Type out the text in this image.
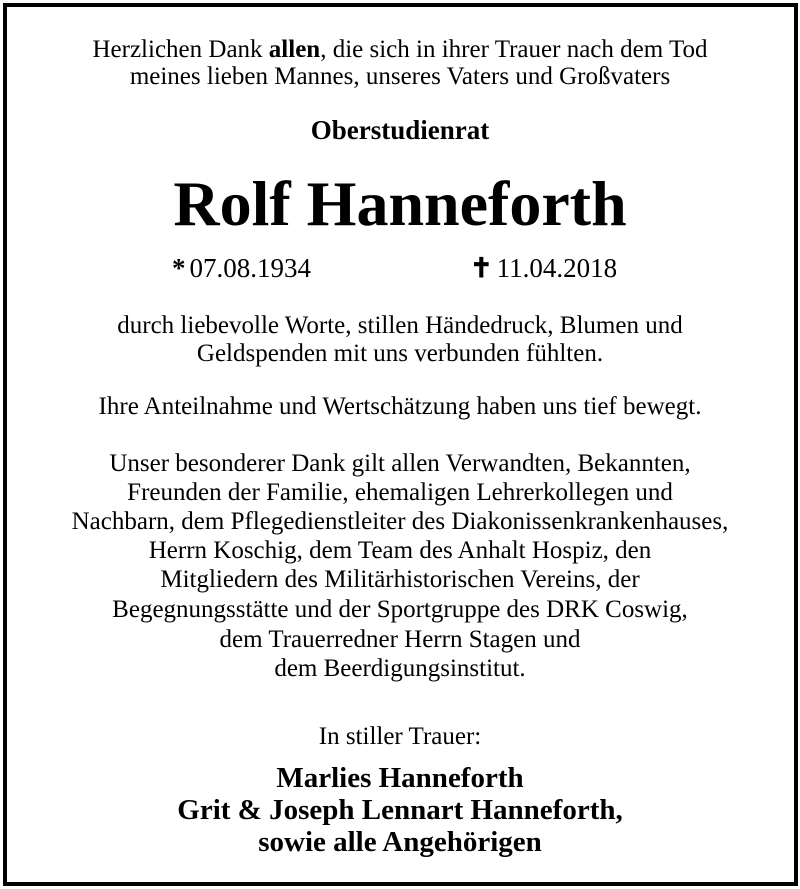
Herzlichen Dank allen, die sich in ihrer Trauer nach dem Tod
meines lieben Mannes, unseres Vaters und Großvaters
Oberstudienrat
Rolf Hanneforth
* 07.08.1934	✝ 11.04.2018
durch liebevolle Worte, stillen Händedruck, Blumen und
Geldspenden mit uns verbunden fühlten.
Ihre Anteilnahme und Wertschätzung haben uns tief bewegt.
Unser besonderer Dank gilt allen Verwandten, Bekannten,
Freunden der Familie, ehemaligen Lehrerkollegen und
Nachbarn, dem Pflegedienstleiter des Diakonissenkrankenhauses,
Herrn Koschig, dem Team des Anhalt Hospiz, den
Mitgliedern des Militärhistorischen Vereins, der
Begegnungsstätte und der Sportgruppe des DRK Coswig,
dem Trauerredner Herrn Stagen und
dem Beerdigungsinstitut.
In stiller Trauer:
Marlies Hanneforth
Grit & Joseph Lennart Hanneforth,
sowie alle Angehörigen
